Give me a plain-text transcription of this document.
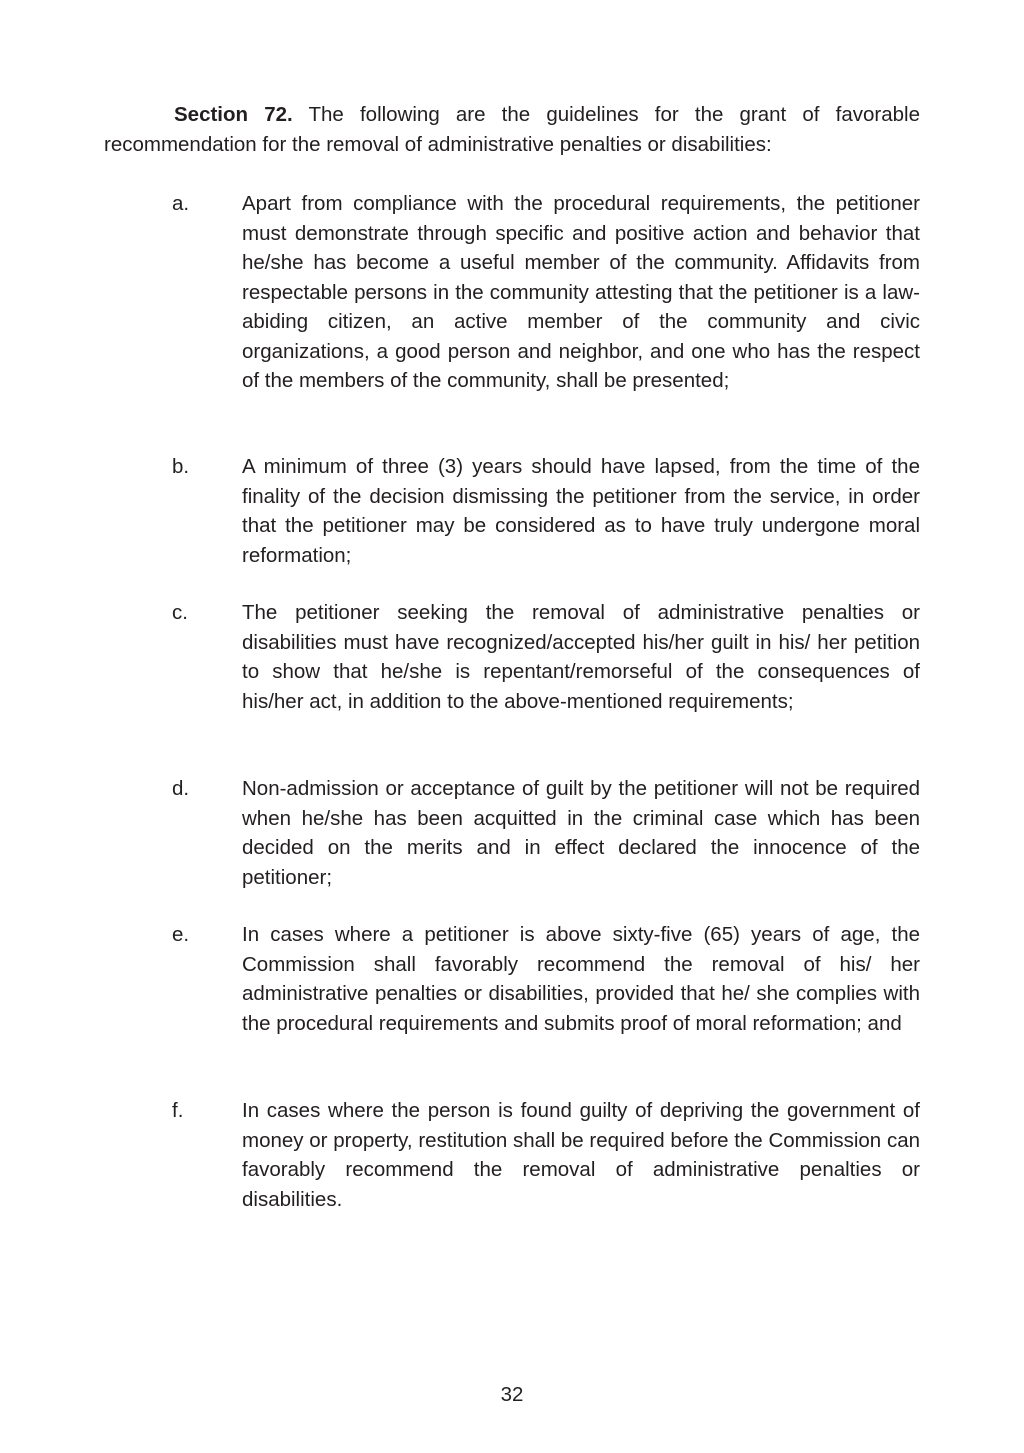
Section 72. The following are the guidelines for the grant of favorable recommendation for the removal of administrative penalties or disabilities:

a.	Apart from compliance with the procedural requirements, the petitioner must demonstrate through specific and positive action and behavior that he/she has become a useful member of the community. Affidavits from respectable persons in the community attesting that the petitioner is a law-abiding citizen, an active member of the community and civic organizations, a good person and neighbor, and one who has the respect of the members of the community, shall be presented;

b.	A minimum of three (3) years should have lapsed, from the time of the finality of the decision dismissing the petitioner from the service, in order that the petitioner may be considered as to have truly undergone moral reformation;

c.	The petitioner seeking the removal of administrative penalties or disabilities must have recognized/accepted his/her guilt in his/ her petition to show that he/she is repentant/remorseful of the consequences of his/her act, in addition to the above-mentioned requirements;

d.	Non-admission or acceptance of guilt by the petitioner will not be required when he/she has been acquitted in the criminal case which has been decided on the merits and in effect declared the innocence of the petitioner;

e.	In cases where a petitioner is above sixty-five (65) years of age, the Commission shall favorably recommend the removal of his/ her administrative penalties or disabilities, provided that he/ she complies with the procedural requirements and submits proof of moral reformation; and

f.	In cases where the person is found guilty of depriving the government of money or property, restitution shall be required before the Commission can favorably recommend the removal of administrative penalties or disabilities.

32
